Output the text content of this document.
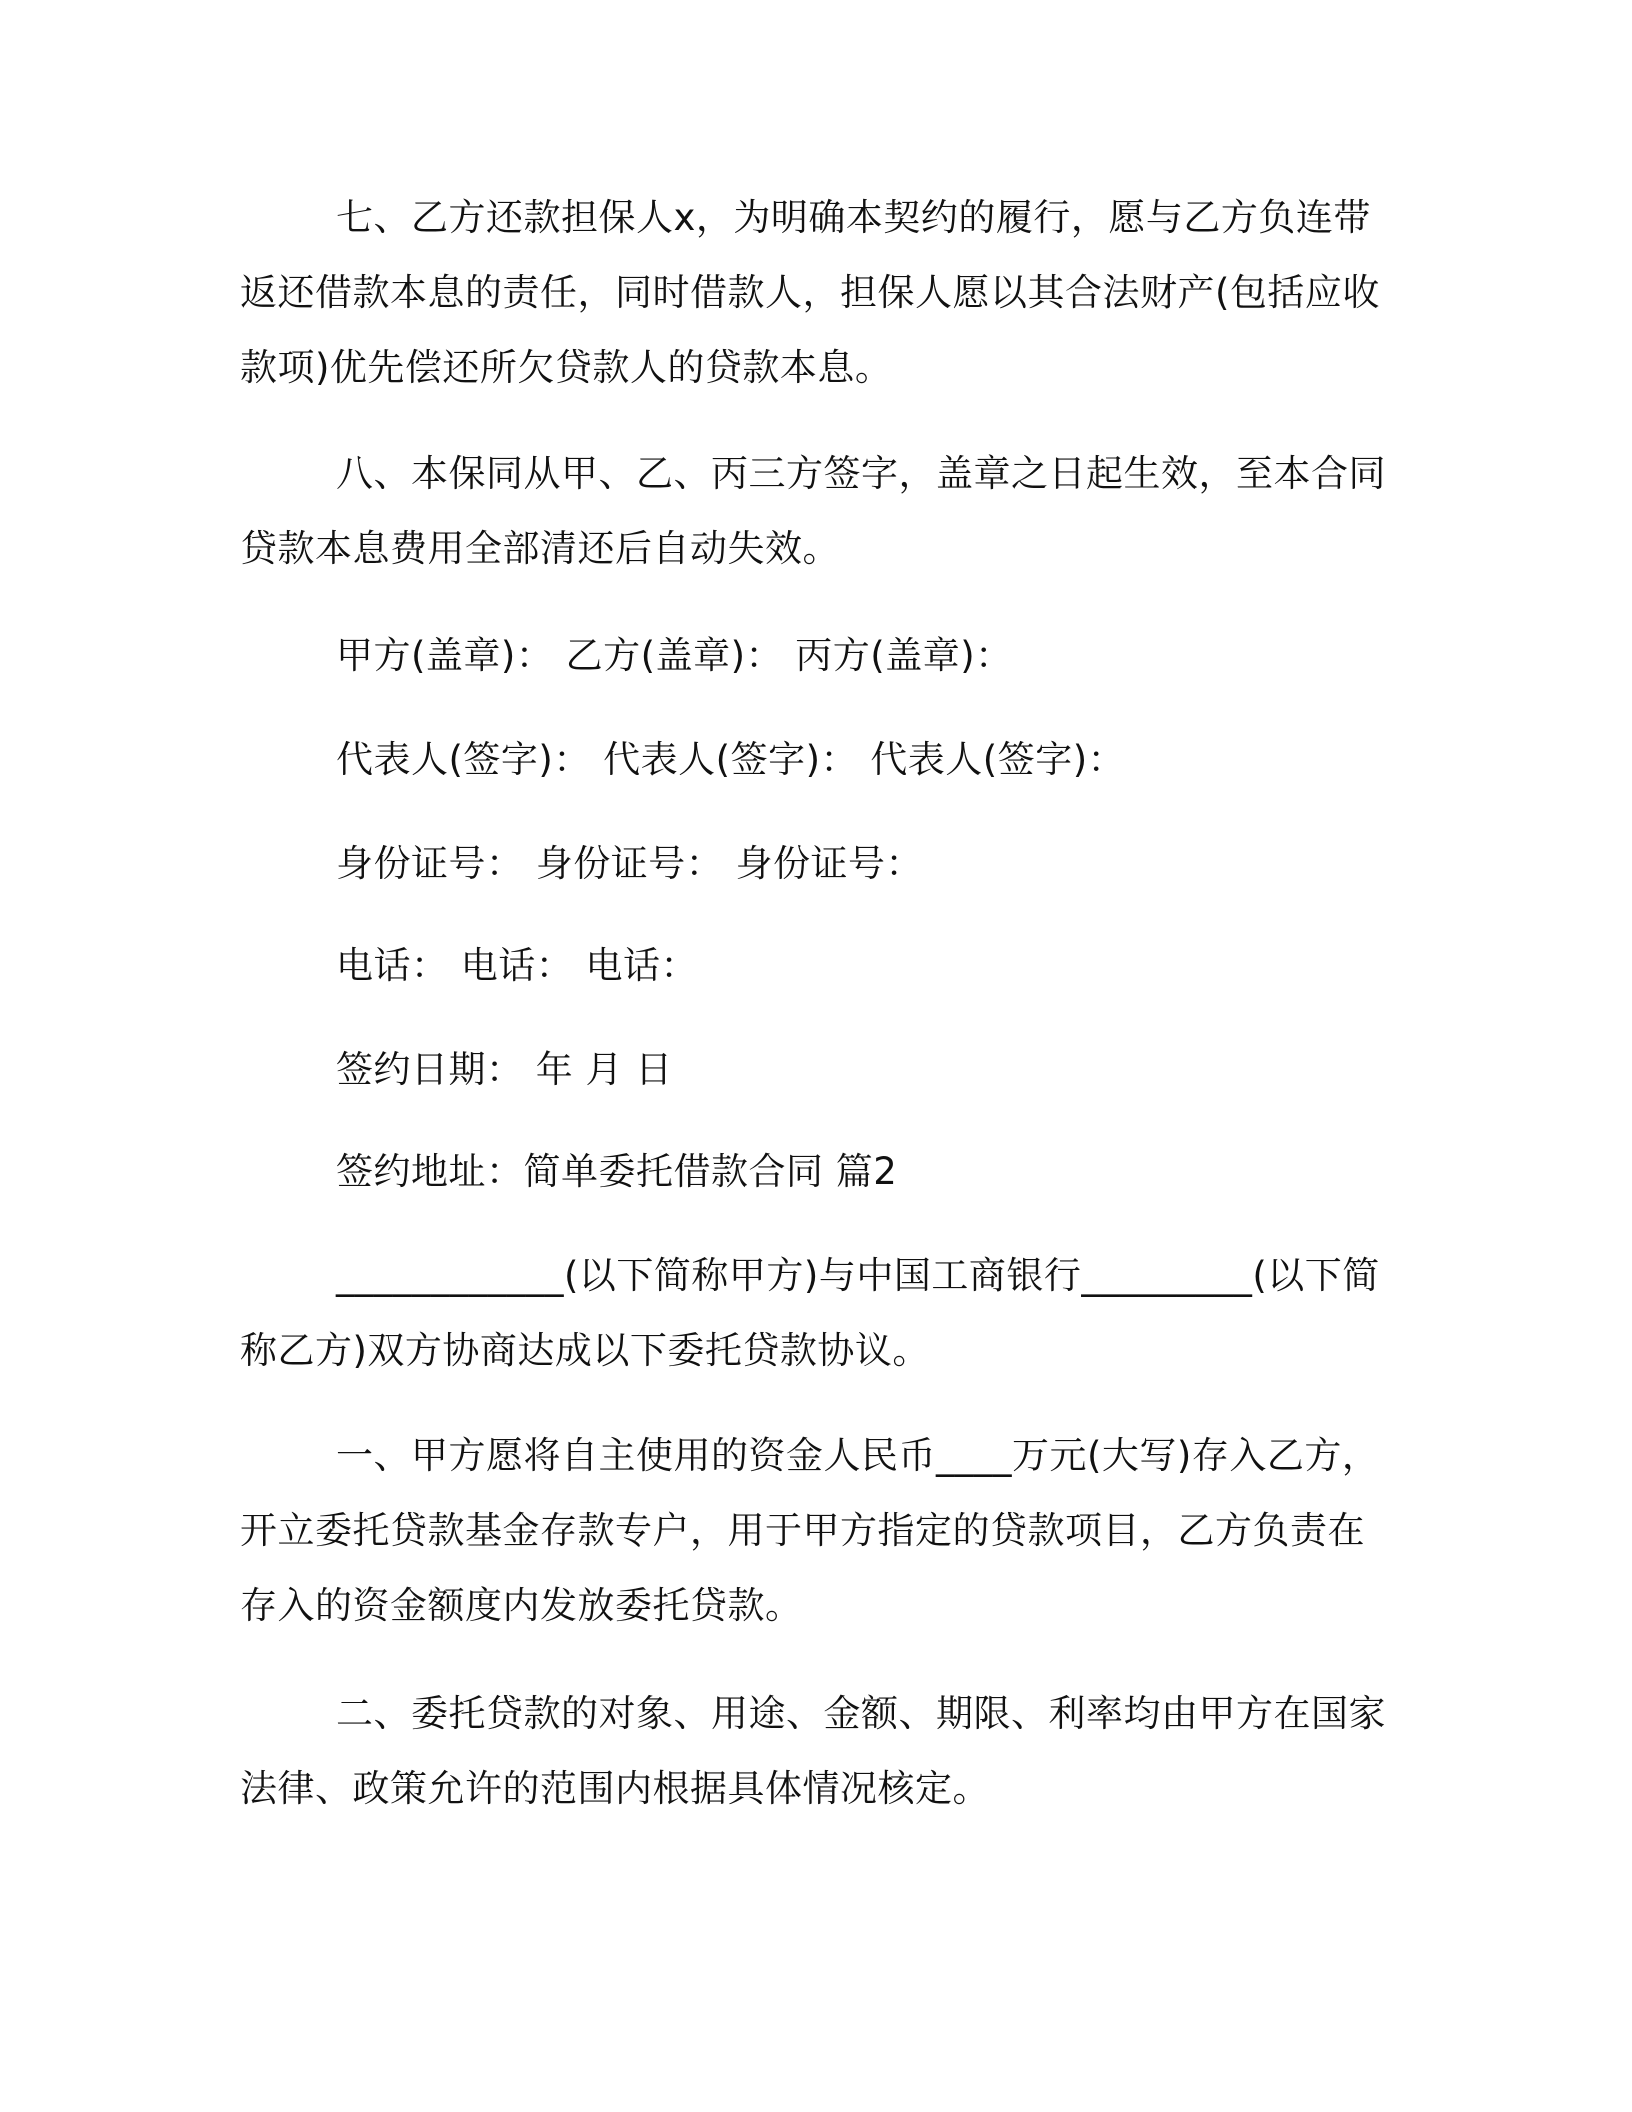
七、乙方还款担保人x，为明确本契约的履行，愿与乙方负连带返还借款本息的责任，同时借款人，担保人愿以其合法财产(包括应收款项)优先偿还所欠贷款人的贷款本息。

八、本保同从甲、乙、丙三方签字，盖章之日起生效，至本合同贷款本息费用全部清还后自动失效。

甲方(盖章)： 乙方(盖章)： 丙方(盖章)：

代表人(签字)： 代表人(签字)： 代表人(签字)：

身份证号： 身份证号： 身份证号：

电话： 电话： 电话：

签约日期： 年 月 日

签约地址：简单委托借款合同 篇2

____________(以下简称甲方)与中国工商银行_________(以下简称乙方)双方协商达成以下委托贷款协议。

一、甲方愿将自主使用的资金人民币____万元(大写)存入乙方，开立委托贷款基金存款专户，用于甲方指定的贷款项目，乙方负责在存入的资金额度内发放委托贷款。

二、委托贷款的对象、用途、金额、期限、利率均由甲方在国家法律、政策允许的范围内根据具体情况核定。
